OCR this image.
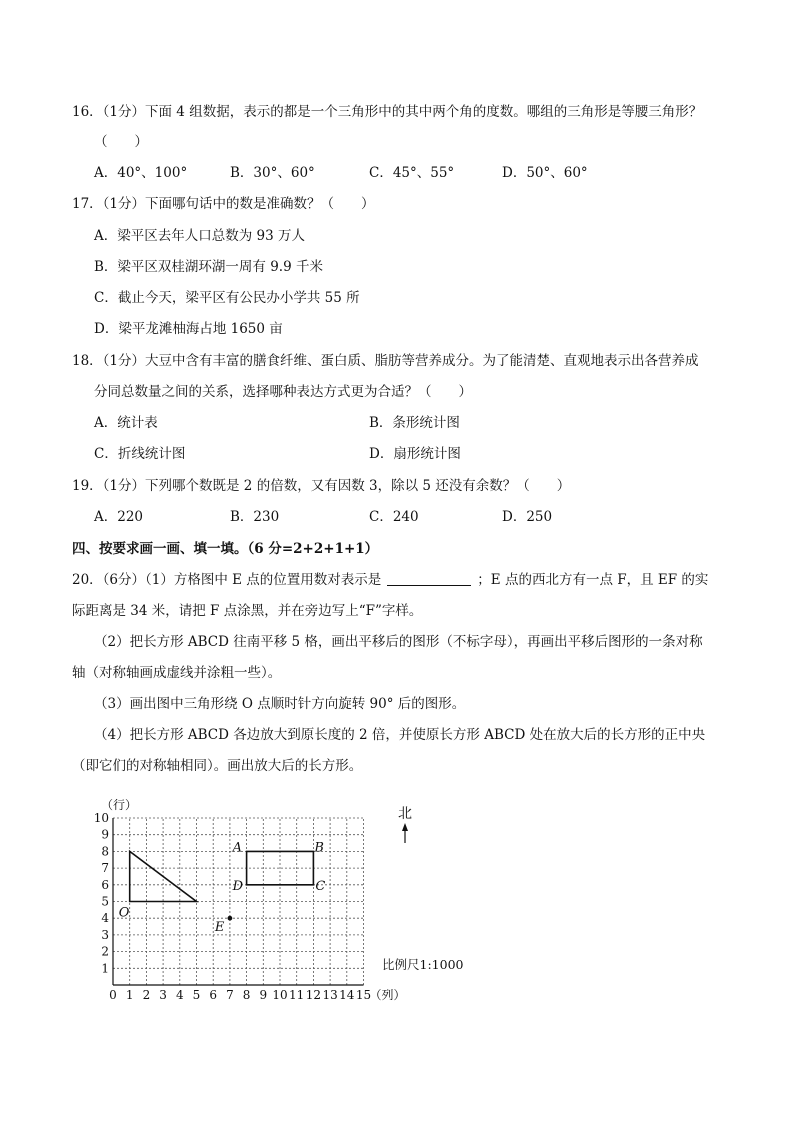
16．（1分）下面 4 组数据，表示的都是一个三角形中的其中两个角的度数。哪组的三角形是等腰三角形？
（　　）
A．40°、100°	B．30°、60°	C．45°、55°	D．50°、60°
17．（1分）下面哪句话中的数是准确数？（　　）
A．梁平区去年人口总数为 93 万人
B．梁平区双桂湖环湖一周有 9.9 千米
C．截止今天，梁平区有公民办小学共 55 所
D．梁平龙滩柚海占地 1650 亩
18．（1分）大豆中含有丰富的膳食纤维、蛋白质、脂肪等营养成分。为了能清楚、直观地表示出各营养成
分同总数量之间的关系，选择哪种表达方式更为合适？（　　）
A．统计表	B．条形统计图
C．折线统计图	D．扇形统计图
19．（1分）下列哪个数既是 2 的倍数，又有因数 3，除以 5 还没有余数？（　　）
A．220	B．230	C．240	D．250
四、按要求画一画、填一填。（6 分=2+2+1+1）
20．（6分）（1）方格图中 E 点的位置用数对表示是	；E 点的西北方有一点 F，且 EF 的实
际距离是 34 米，请把 F 点涂黑，并在旁边写上“F”字样。
（2）把长方形 ABCD 往南平移 5 格，画出平移后的图形（不标字母），再画出平移后图形的一条对称
轴（对称轴画成虚线并涂粗一些）。
（3）画出图中三角形绕 O 点顺时针方向旋转 90° 后的图形。
（4）把长方形 ABCD 各边放大到原长度的 2 倍，并使原长方形 ABCD 处在放大后的长方形的正中央
（即它们的对称轴相同）。画出放大后的长方形。
0 1 2 3 4 5 6 7 8 9 10 11 12 13 14 15
1
2
3
4
5
6
7
8
9
10
（行）
（列）
O
A	B
C
D
E
北
比例尺1:1000
